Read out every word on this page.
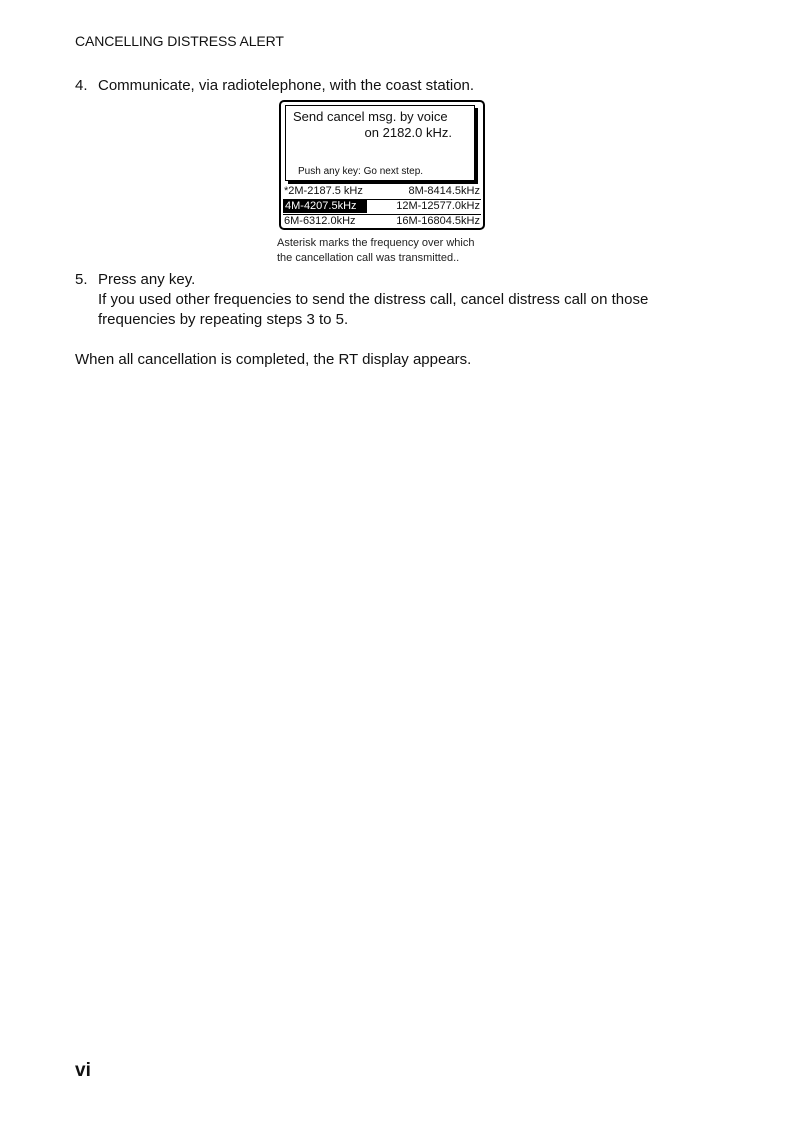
CANCELLING DISTRESS ALERT
4. Communicate, via radiotelephone, with the coast station.
Send cancel msg. by voice
on 2182.0 kHz.
Push any key: Go next step.
*2M-2187.5 kHz	8M-8414.5kHz
4M-4207.5kHz	12M-12577.0kHz
6M-6312.0kHz	16M-16804.5kHz
Asterisk marks the frequency over which
the cancellation call was transmitted..
5. Press any key.
If you used other frequencies to send the distress call, cancel distress call on those
frequencies by repeating steps 3 to 5.
When all cancellation is completed, the RT display appears.
vi
